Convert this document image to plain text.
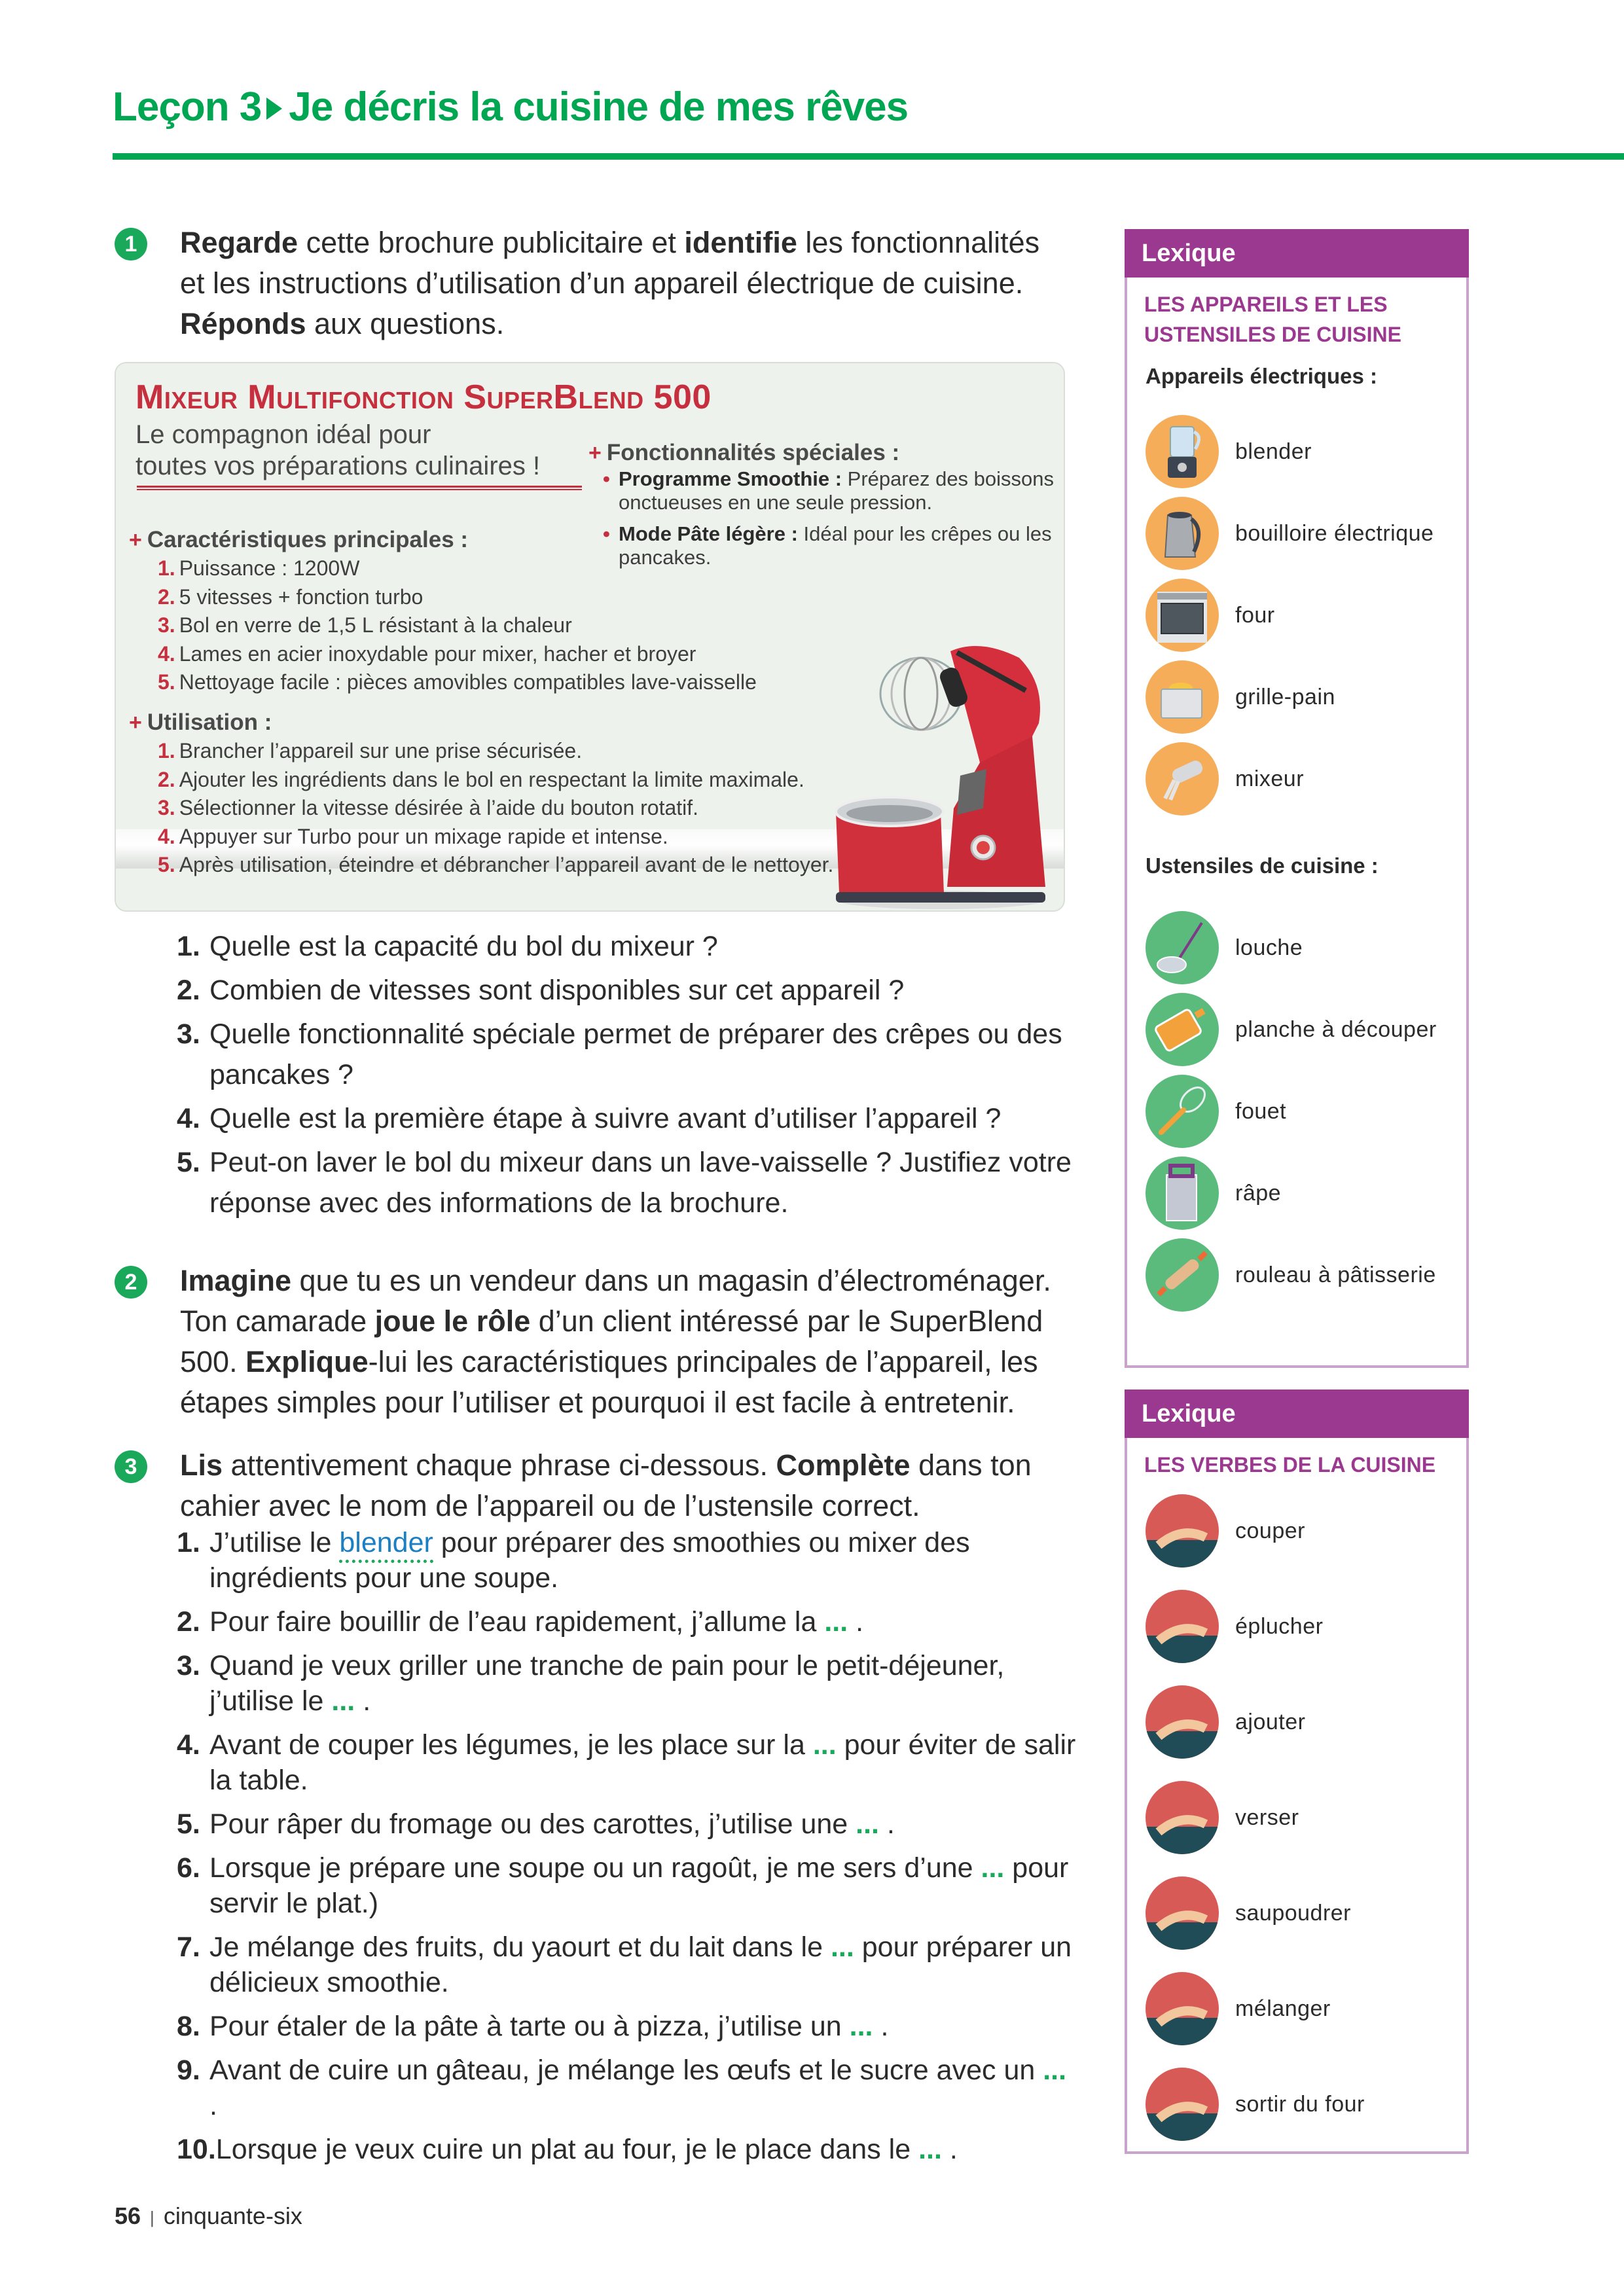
Leçon 3 Je décris la cuisine de mes rêves
1	Regarde cette brochure publicitaire et identifie les fonctionnalités et les instructions d’utilisation d’un appareil électrique de cuisine. Réponds aux questions.

Mixeur Multifonction SuperBlend 500
Le compagnon idéal pour
toutes vos préparations culinaires !
+ Caractéristiques principales :
1. Puissance : 1200W
2. 5 vitesses + fonction turbo
3. Bol en verre de 1,5 L résistant à la chaleur
4. Lames en acier inoxydable pour mixer, hacher et broyer
5. Nettoyage facile : pièces amovibles compatibles lave-vaisselle
+ Fonctionnalités spéciales :
• Programme Smoothie : Préparez des boissons onctueuses en une seule pression.
• Mode Pâte légère : Idéal pour les crêpes ou les pancakes.
+ Utilisation :
1. Brancher l’appareil sur une prise sécurisée.
2. Ajouter les ingrédients dans le bol en respectant la limite maximale.
3. Sélectionner la vitesse désirée à l’aide du bouton rotatif.
4. Appuyer sur Turbo pour un mixage rapide et intense.
5. Après utilisation, éteindre et débrancher l’appareil avant de le nettoyer.
1. Quelle est la capacité du bol du mixeur ?
2. Combien de vitesses sont disponibles sur cet appareil ?
3. Quelle fonctionnalité spéciale permet de préparer des crêpes ou des pancakes ?
4. Quelle est la première étape à suivre avant d’utiliser l’appareil ?
5. Peut-on laver le bol du mixeur dans un lave-vaisselle ? Justifiez votre réponse avec des informations de la brochure.
2	Imagine que tu es un vendeur dans un magasin d’électroménager. Ton camarade joue le rôle d’un client intéressé par le SuperBlend 500. Explique-lui les caractéristiques principales de l’appareil, les étapes simples pour l’utiliser et pourquoi il est facile à entretenir.

3	Lis attentivement chaque phrase ci-dessous. Complète dans ton cahier avec le nom de l’appareil ou de l’ustensile correct.

1. J’utilise le blender pour préparer des smoothies ou mixer des ingrédients pour une soupe.
2. Pour faire bouillir de l’eau rapidement, j’allume la ... .
3. Quand je veux griller une tranche de pain pour le petit-déjeuner, j’utilise le ... .
4. Avant de couper les légumes, je les place sur la ... pour éviter de salir la table.
5. Pour râper du fromage ou des carottes, j’utilise une ... .
6. Lorsque je prépare une soupe ou un ragoût, je me sers d’une ... pour servir le plat.)
7. Je mélange des fruits, du yaourt et du lait dans le ... pour préparer un délicieux smoothie.
8. Pour étaler de la pâte à tarte ou à pizza, j’utilise un ... .
9. Avant de cuire un gâteau, je mélange les œufs et le sucre avec un ... .
10. Lorsque je veux cuire un plat au four, je le place dans le ... .
56 | cinquante-six
Lexique
LES APPAREILS ET LES USTENSILES DE CUISINE
Appareils électriques :
blender
bouilloire électrique
four
grille-pain
mixeur
Ustensiles de cuisine :
louche
planche à découper
fouet
râpe
rouleau à pâtisserie
Lexique
LES VERBES DE LA CUISINE
couper
éplucher
ajouter
verser
saupoudrer
mélanger
sortir du four
